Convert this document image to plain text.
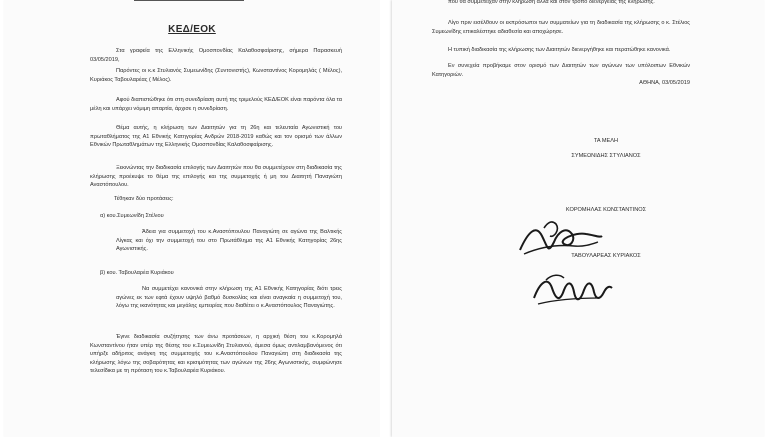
ΚΕΔ/ΕΟΚ

Στα γραφεία της Ελληνικής Ομοσπονδίας Καλαθοσφαίρισης, σήμερα Παρασκευή 03/05/2019,

Παρόντες οι κ.κ Στυλιανός Συμεωνίδης (Συντονιστής), Κωνσταντίνος Κορομηλάς ( Μέλος), Κυριάκος Ταβουλαρέας ( Μέλος).

Αφού διαπιστώθηκε ότι στη συνεδρίαση αυτή της τριμελούς ΚΕΔ/ΕΟΚ είναι παρόντα όλα τα μέλη και υπάρχει νόμιμη απαρτία, άρχισε η συνεδρίαση.

Θέμα αυτής, η κλήρωση των Διαιτητών για τη 26η και τελευταία Αγωνιστική του πρωταθλήματος της Α1 Εθνικής Κατηγορίας Ανδρών 2018-2019 καθώς και τον ορισμό των άλλων Εθνικών Πρωταθλημάτων της Ελληνικής Ομοσπονδίας Καλαθοσφαίρισης.

Ξεκινώντας την διαδικασία επιλογής των Διαιτητών που θα συμμετέχουν στη διαδικασία της κλήρωσης προέκυψε το θέμα της επιλογής και της συμμετοχής ή μη του Διαιτητή Παναγιώτη Αναστόπουλου.

Τέθηκαν δύο προτάσεις:
α) κου.Συμεωνίδη Στέλιου

Άδεια για συμμετοχή του κ.Αναστόπουλου Παναγιώτη σε αγώνα της Βαλτικής Λίγκας και όχι την συμμετοχή του στο Πρωτάθλημα της Α1 Εθνικής Κατηγορίας 26ης Αγωνιστικής.

β) κου. Ταβουλαρέα Κυριάκου

Να συμμετέχει κανονικά στην κλήρωση της Α1 Εθνικής Κατηγορίας διότι τρεις αγώνες εκ των εφτά έχουν υψηλό βαθμό δυσκολίας και είναι αναγκαία η συμμετοχή του, λόγω της ικανότητας και μεγάλης εμπειρίας που διαθέτει ο κ.Αναστόπουλος Παναγιώτης.

Έγινε διαδικασία συζήτησης των άνω προτάσεων, η αρχική θέση του κ.Κορομηλά Κωνσταντίνου ήταν υπέρ της θέσης του κ.Συμεωνίδη Στυλιανού, άμεσα όμως αντιλαμβανόμενος ότι υπήρξε αδήριτος ανάγκη της συμμετοχής του κ.Αναστόπουλου Παναγιώτη στη διαδικασία της κλήρωσης λόγω της σοβαρότητας και κρισιμότητας των αγώνων της 26ης Αγωνιστικής, συμφώνησε τελεσίδικα με τη πρόταση του κ.Ταβουλαρέα Κυριάκου.

που θα συμμετείχαν στην κλήρωση αλλά και στον τρόπο διενέργειας της κλήρωσης.

Λίγο πριν εισέλθουν οι εκπρόσωποι των συμματείων για τη διαδικασία της κλήρωσης ο κ. Στέλιος Συμεωνίδης επικαλέστηκε αδιαθεσία και αποχώρησε.

Η τυπική διαδικασία της κλήρωσης των Διαιτητών διενεργήθηκε και περατώθηκε κανονικά.

Εν συνεχεία προβήκαμε στον ορισμό των Διαιτητών των αγώνων των υπόλοιπων Εθνικών Κατηγοριών.

ΑΘΗΝΑ, 03/05/2019
ΤΑ ΜΕΛΗ
ΣΥΜΕΩΝΙΔΗΣ ΣΤΥΛΙΑΝΟΣ
ΚΟΡΟΜΗΛΑΣ ΚΩΝΣΤΑΝΤΙΝΟΣ
ΤΑΒΟΥΛΑΡΕΑΣ ΚΥΡΙΑΚΟΣ
